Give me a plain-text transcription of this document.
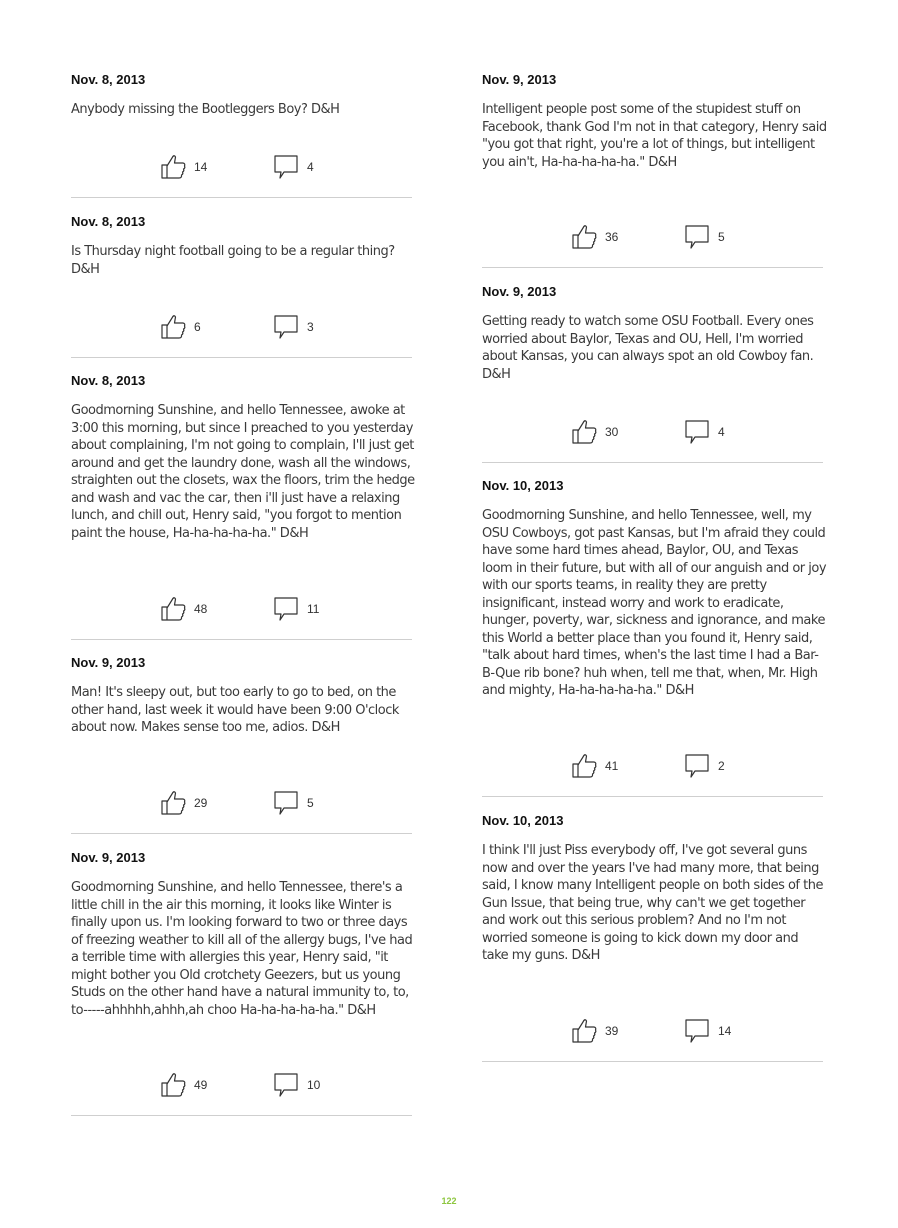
Nov. 8, 2013

Anybody missing the Bootleggers Boy? D&H

14	4
Nov. 8, 2013

Is Thursday night football going to be a regular thing? D&H

6	3
Nov. 8, 2013

Goodmorning Sunshine, and hello Tennessee, awoke at 3:00 this morning, but since I preached to you yesterday about complaining, I'm not going to complain, I'll just get around and get the laundry done, wash all the windows, straighten out the closets, wax the floors, trim the hedge and wash and vac the car, then i'll just have a relaxing lunch, and chill out, Henry said, "you forgot to mention paint the house, Ha-ha-ha-ha-ha." D&H

48	11
Nov. 9, 2013

Man! It's sleepy out, but too early to go to bed, on the other hand, last week it would have been 9:00 O'clock about now. Makes sense too me, adios. D&H

29	5
Nov. 9, 2013

Goodmorning Sunshine, and hello Tennessee, there's a little chill in the air this morning, it looks like Winter is finally upon us. I'm looking forward to two or three days of freezing weather to kill all of the allergy bugs, I've had a terrible time with allergies this year, Henry said, "it might bother you Old crotchety Geezers, but us young Studs on the other hand have a natural immunity to, to, to-----ahhhhh,ahhh,ah choo Ha-ha-ha-ha-ha." D&H

49	10
Nov. 9, 2013

Intelligent people post some of the stupidest stuff on Facebook, thank God I'm not in that category, Henry said "you got that right, you're a lot of things, but intelligent you ain't, Ha-ha-ha-ha-ha." D&H

36	5
Nov. 9, 2013

Getting ready to watch some OSU Football. Every ones worried about Baylor, Texas and OU, Hell, I'm worried about Kansas, you can always spot an old Cowboy fan. D&H

30	4
Nov. 10, 2013

Goodmorning Sunshine, and hello Tennessee, well, my OSU Cowboys, got past Kansas, but I'm afraid they could have some hard times ahead, Baylor, OU, and Texas loom in their future, but with all of our anguish and or joy with our sports teams, in reality they are pretty insignificant, instead worry and work to eradicate, hunger, poverty, war, sickness and ignorance, and make this World a better place than you found it, Henry said, "talk about hard times, when's the last time I had a Bar-B-Que rib bone? huh when, tell me that, when, Mr. High and mighty, Ha-ha-ha-ha-ha." D&H

41	2
Nov. 10, 2013

I think I'll just Piss everybody off, I've got several guns now and over the years I've had many more, that being said, I know many Intelligent people on both sides of the Gun Issue, that being true, why can't we get together and work out this serious problem? And no I'm not worried someone is going to kick down my door and take my guns. D&H

39	14
122
